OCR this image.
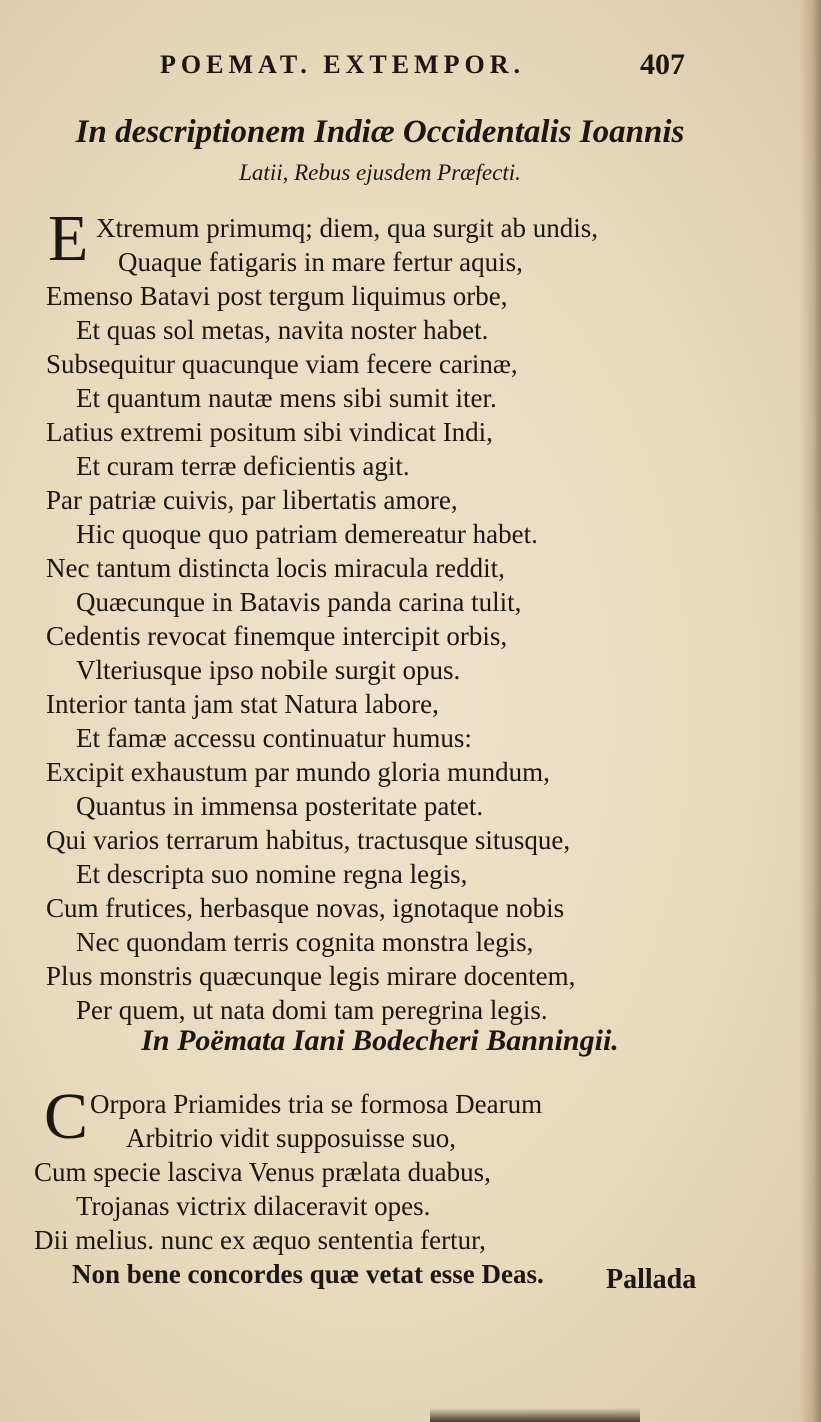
POEMAT. EXTEMPOR.	407
In descriptionem Indiæ Occidentalis Ioannis
Latii, Rebus ejusdem Præfecti.
E Xtremum primumq; diem, qua surgit ab undis,
Quaque fatigaris in mare fertur aquis,
Emenso Batavi post tergum liquimus orbe,
Et quas sol metas, navita noster habet.
Subsequitur quacunque viam fecere carinæ,
Et quantum nautæ mens sibi sumit iter.
Latius extremi positum sibi vindicat Indi,
Et curam terræ deficientis agit.
Par patriæ cuivis, par libertatis amore,
Hic quoque quo patriam demereatur habet.
Nec tantum distincta locis miracula reddit,
Quæcunque in Batavis panda carina tulit,
Cedentis revocat finemque intercipit orbis,
Vlteriusque ipso nobile surgit opus.
Interior tanta jam stat Natura labore,
Et famæ accessu continuatur humus:
Excipit exhaustum par mundo gloria mundum,
Quantus in immensa posteritate patet.
Qui varios terrarum habitus, tractusque situsque,
Et descripta suo nomine regna legis,
Cum frutices, herbasque novas, ignotaque nobis
Nec quondam terris cognita monstra legis,
Plus monstris quæcunque legis mirare docentem,
Per quem, ut nata domi tam peregrina legis.
In Poëmata Iani Bodecheri Banningii.
C Orpora Priamides tria se formosa Dearum
Arbitrio vidit supposuisse suo,
Cum specie lasciva Venus prælata duabus,
Trojanas victrix dilaceravit opes.
Dii melius. nunc ex æquo sententia fertur,
Non bene concordes quæ vetat esse Deas. Pallada
